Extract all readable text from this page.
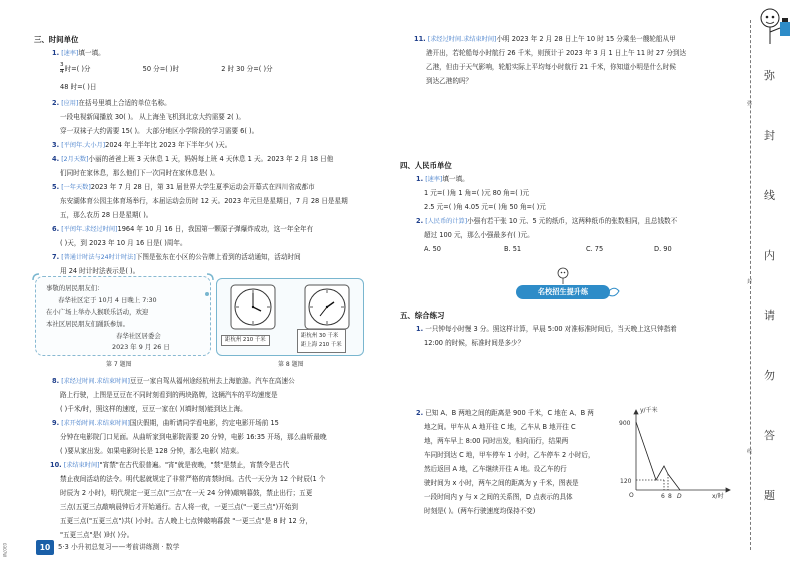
三、时间单位
1. [速率]填一填。
$\frac{3}{4}$ 时=( )分	50 分=( )时	2 时 30 分=( )分
48 时=( )日
2. [应用]在括号里填上合适的单位名称。
一段电视新闻播放 30( )。 从上海坐飞机到北京大约需要 2( )。
穿一双袜子大约需要 15( )。 大部分地区小学阶段的学习需要 6( )。
3. [平闰年.大小月]2024 年上半年比 2023 年下半年少( )天。
4. [2月天数]小丽的爸爸上班 3 天休息 1 天，妈妈每上班 4 天休息 1 天。2023 年 2 月 18 日他
们同时在家休息，那么他们下一次同时在家休息是( )。
5. [一年天数]2023 年 7 月 28 日，第 31 届世界大学生夏季运动会开幕式在四川省成都市
东安湖体育公园主体育场举行，本届运动会历时 12 天。2023 年元旦是星期日，7 月 28 日是星期
五，那么农历 28 日是星期( )。
6. [平闰年.求经过时间]1964 年 10 月 16 日，我国第一颗原子弹爆炸成功，这一年全年有
( )天，到 2023 年 10 月 16 日是( )周年。
7. [普通计时法与24时计时法]下图是张东在小区的公告牌上看到的活动通知，活动时间
用 24 时计时法表示是( )。
事敬的居民朋友们：
春华社区定于 10月 4 日晚上 7:30
在小广场上举办人猴联乐活动，欢迎
本社区居民朋友们踊跃参加。
春华社区居委会
2023 年 9 月 26 日
距杭州 210 千米
距杭州 30 千米
距上海 210 千米
第 7 题图	第 8 题图
8. [求经过时间.求结束时间]豆豆一家自驾从福州途经杭州去上海旅游。汽车在高速公
路上行驶，上图是豆豆在不同时刻看到的两块路牌，这辆汽车的平均速度是
( )千米/时，照这样的速度，豆豆一家在( )(填时刻)能到达上海。
9. [求开始时间.求结束时间]国庆假期，曲昕请同学看电影，约定电影开场前 15
分钟在电影院门口见面。从曲昕家到电影院需要 20 分钟，电影 16:35 开场，那么曲昕最晚
( )要从家出发。如果电影时长是 128 分钟，那么电影( )结束。
10. [求结束时间]"宵禁"在古代很普遍。"宵"就是夜晚，"禁"是禁止，宵禁令是古代
禁止夜间活动的法令。明代起就规定了非常严格的宵禁时间。古代一天分为 12 个时辰(1 个
时辰为 2 小时)，明代规定一更三点("三点"在一天 24 分钟)敲响暮鼓，禁止出行；五更
三点(五更三点敲响晨钟后才开始通行。古人将一夜，一更三点("一更三点")开始到
五更三点("五更三点")共( )小时。古人晚上七点钟敲响暮鼓 "一更三点"是 8 时 12 分，
"五更三点"是( )时( )分。
11. [求经过时间.求结束时间]小明 2023 年 2 月 28 日上午 10 时 15 分乘坐一艘轮船从甲
港开出，若轮船每小时航行 26 千米，则预计于 2023 年 3 月 1 日上午 11 时 27 分到达
乙港，但由于天气影响，轮船实际上平均每小时航行 21 千米，你知道小明是什么时候
到达乙港的吗？
四、人民币单位
1. [速率]填一填。
1 元=( )角 1 角=( )元 80 角=( )元
2.5 元=( )角 4.05 元=( )角 50 角=( )元
2. [人民币的计算]小强有若干张 10 元、5 元的纸币，这两种纸币的张数相同，且总钱数不
超过 100 元，那么小强最多有( )元。
A. 50	B. 51	C. 75	D. 90
五、综合练习
1. 一只钟每小时慢 3 分。照这样计算，早晨 5:00 对准标准时间后，当天晚上这只钟指着
12:00 的时候，标准时间是多少？
2. 已知 A、B 两地之间的距离是 900 千米，C 地在 A、B 两
地之间。甲车从 A 地开往 C 地，乙车从 B 地开往 C
地，两车早上 8:00 同时出发，相向而行，结果两
车同时到达 C 地，甲车停车 1 小时，乙车停车 2 小时后，
然后返回 A 地，乙车继续开往 A 地。设乙车的行
驶时间为 x 小时，两车之间的距离为 y 千米，图表是
一段时间内 y 与 x 之间的关系图，D 点表示的具体
时刻是( )。(两车行驶速度均保持不变)
名校招生提升练
y/千米
900
120
O	6 8 D	x/时
弥
封
线
弥
封
线
内
请
勿
答
题
10	5·3 小升初总复习——考前讲练测 · 数学
0307W
